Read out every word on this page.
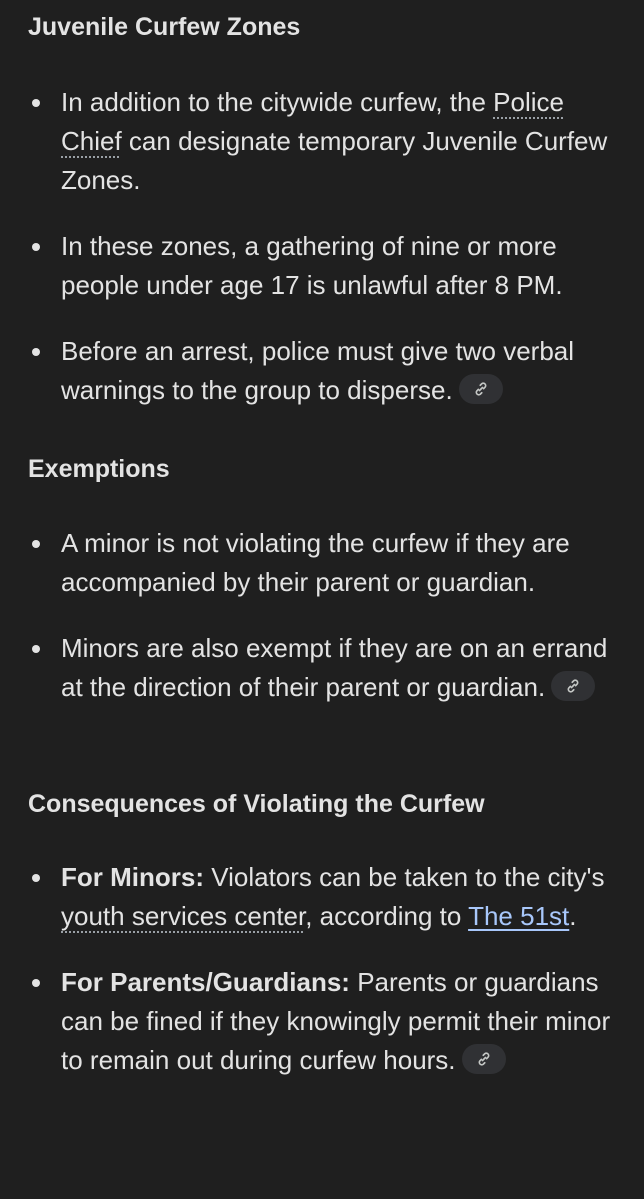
Juvenile Curfew Zones
In addition to the citywide curfew, the Police Chief can designate temporary Juvenile Curfew Zones.
In these zones, a gathering of nine or more people under age 17 is unlawful after 8 PM.
Before an arrest, police must give two verbal warnings to the group to disperse.
Exemptions
A minor is not violating the curfew if they are accompanied by their parent or guardian.
Minors are also exempt if they are on an errand at the direction of their parent or guardian.
Consequences of Violating the Curfew
For Minors: Violators can be taken to the city's youth services center, according to The 51st.
For Parents/Guardians: Parents or guardians can be fined if they knowingly permit their minor to remain out during curfew hours.
